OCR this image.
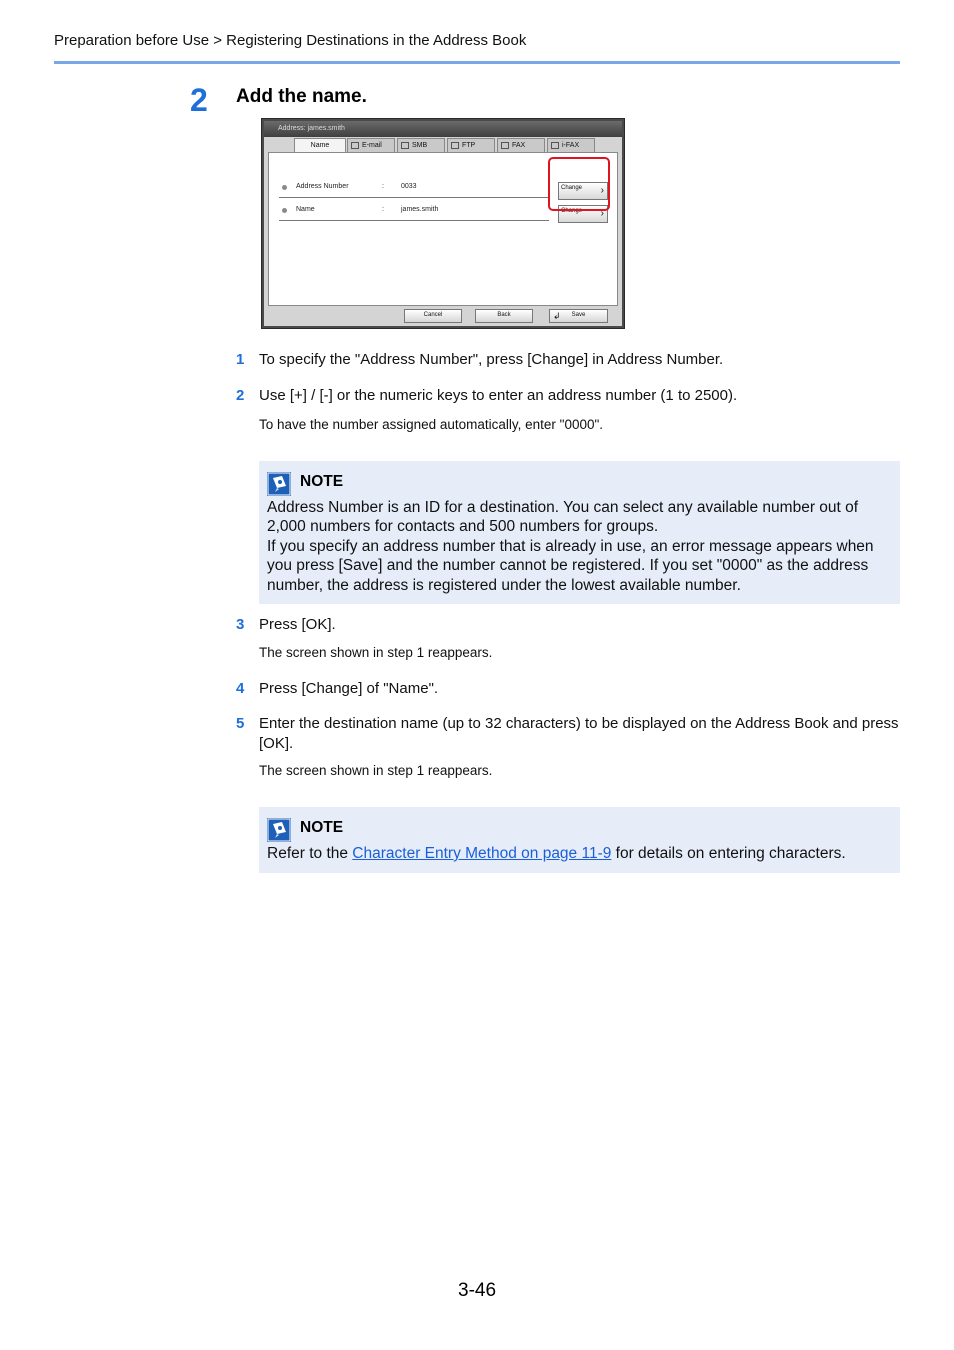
Preparation before Use > Registering Destinations in the Address Book
2 Add the name.
Address: james.smith
Name	E-mail	SMB	FTP	FAX	i-FAX
Address Number	: 0033	Change ›
Name	: james.smith	Change ›
Cancel	Back	↲ Save
1 To specify the "Address Number", press [Change] in Address Number.
2 Use [+] / [-] or the numeric keys to enter an address number (1 to 2500).
To have the number assigned automatically, enter "0000".
NOTE
Address Number is an ID for a destination. You can select any available number out of 2,000 numbers for contacts and 500 numbers for groups.
If you specify an address number that is already in use, an error message appears when you press [Save] and the number cannot be registered. If you set "0000" as the address number, the address is registered under the lowest available number.
3 Press [OK].
The screen shown in step 1 reappears.
4 Press [Change] of "Name".
5 Enter the destination name (up to 32 characters) to be displayed on the Address Book and press [OK].
The screen shown in step 1 reappears.
NOTE
Refer to the Character Entry Method on page 11-9 for details on entering characters.
3-46
